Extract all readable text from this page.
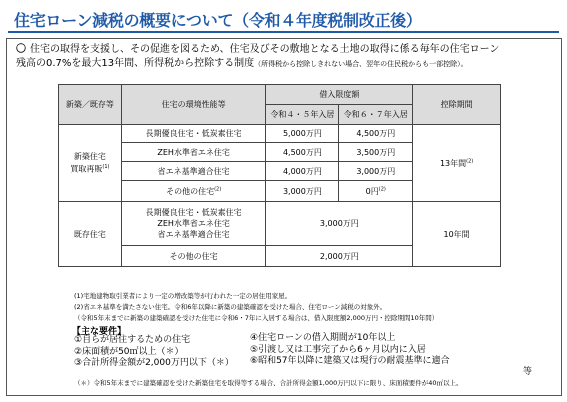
住宅ローン減税の概要について（令和４年度税制改正後）
〇 住宅の取得を支援し、その促進を図るため、住宅及びその敷地となる土地の取得に係る毎年の住宅ローン
残高の0.7%を最大13年間、所得税から控除する制度（所得税から控除しきれない場合、翌年の住民税からも一部控除）。
新築／既存等	住宅の環境性能等	借入限度額		控除期間
		令和４・５年入居	令和６・７年入居	

新築住宅
買取再販$^{(1)}$	長期優良住宅・低炭素住宅	5,000万円	4,500万円	13年間$^{(2)}$
	ZEH水準省エネ住宅	4,500万円	3,500万円	
	省エネ基準適合住宅	4,000万円	3,000万円	
	その他の住宅$^{(2)}$	3,000万円	0円$^{(2)}$
既存住宅	長期優良住宅・低炭素住宅
ZEH水準省エネ住宅
省エネ基準適合住宅	3,000万円		10年間
	その他の住宅	2,000万円		
(1)宅地建物取引業者により一定の増改築等が行われた一定の居住用家屋。
(2)省エネ基準を満たさない住宅。令和6年以降に新築の建築確認を受けた場合、住宅ローン減税の対象外。
（令和5年末までに新築の建築確認を受けた住宅に令和6・7年に入居する場合は、借入限度額2,000万円・控除期間10年間）
【主な要件】
①自らが居住するための住宅
②床面積が50㎡以上（＊）
③合計所得金額が2,000万円以下（＊）
④住宅ローンの借入期間が10年以上
⑤引渡し又は工事完了から6ヶ月以内に入居
⑥昭和57年以降に建築又は現行の耐震基準に適合
等
（＊）令和5年末までに建築確認を受けた新築住宅を取得等する場合、合計所得金額1,000万円以下に限り、床面積要件が40㎡以上。
